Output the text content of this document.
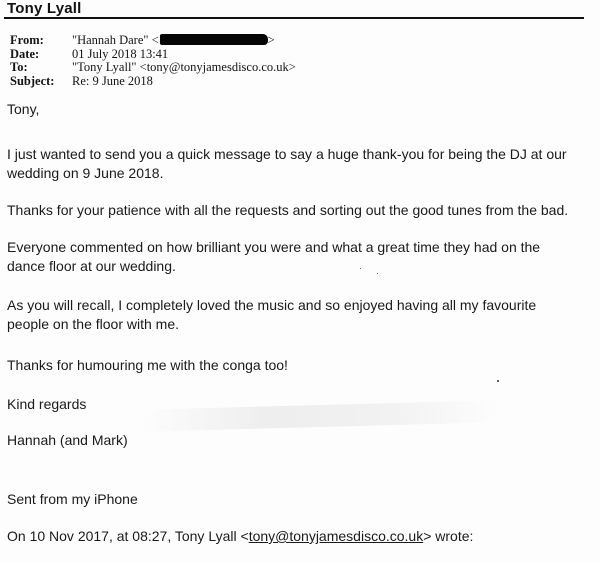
Tony Lyall
From: "Hannah Dare" <	>
Date:	01 July 2018 13:41
To:	"Tony Lyall" <tony@tonyjamesdisco.co.uk>
Subject: Re: 9 June 2018
Tony,
I just wanted to send you a quick message to say a huge thank-you for being the DJ at our
wedding on 9 June 2018.
Thanks for your patience with all the requests and sorting out the good tunes from the bad.
Everyone commented on how brilliant you were and what a great time they had on the
dance floor at our wedding.
As you will recall, I completely loved the music and so enjoyed having all my favourite
people on the floor with me.
Thanks for humouring me with the conga too!
Kind regards
Hannah (and Mark)
Sent from my iPhone
On 10 Nov 2017, at 08:27, Tony Lyall <tony@tonyjamesdisco.co.uk> wrote:
